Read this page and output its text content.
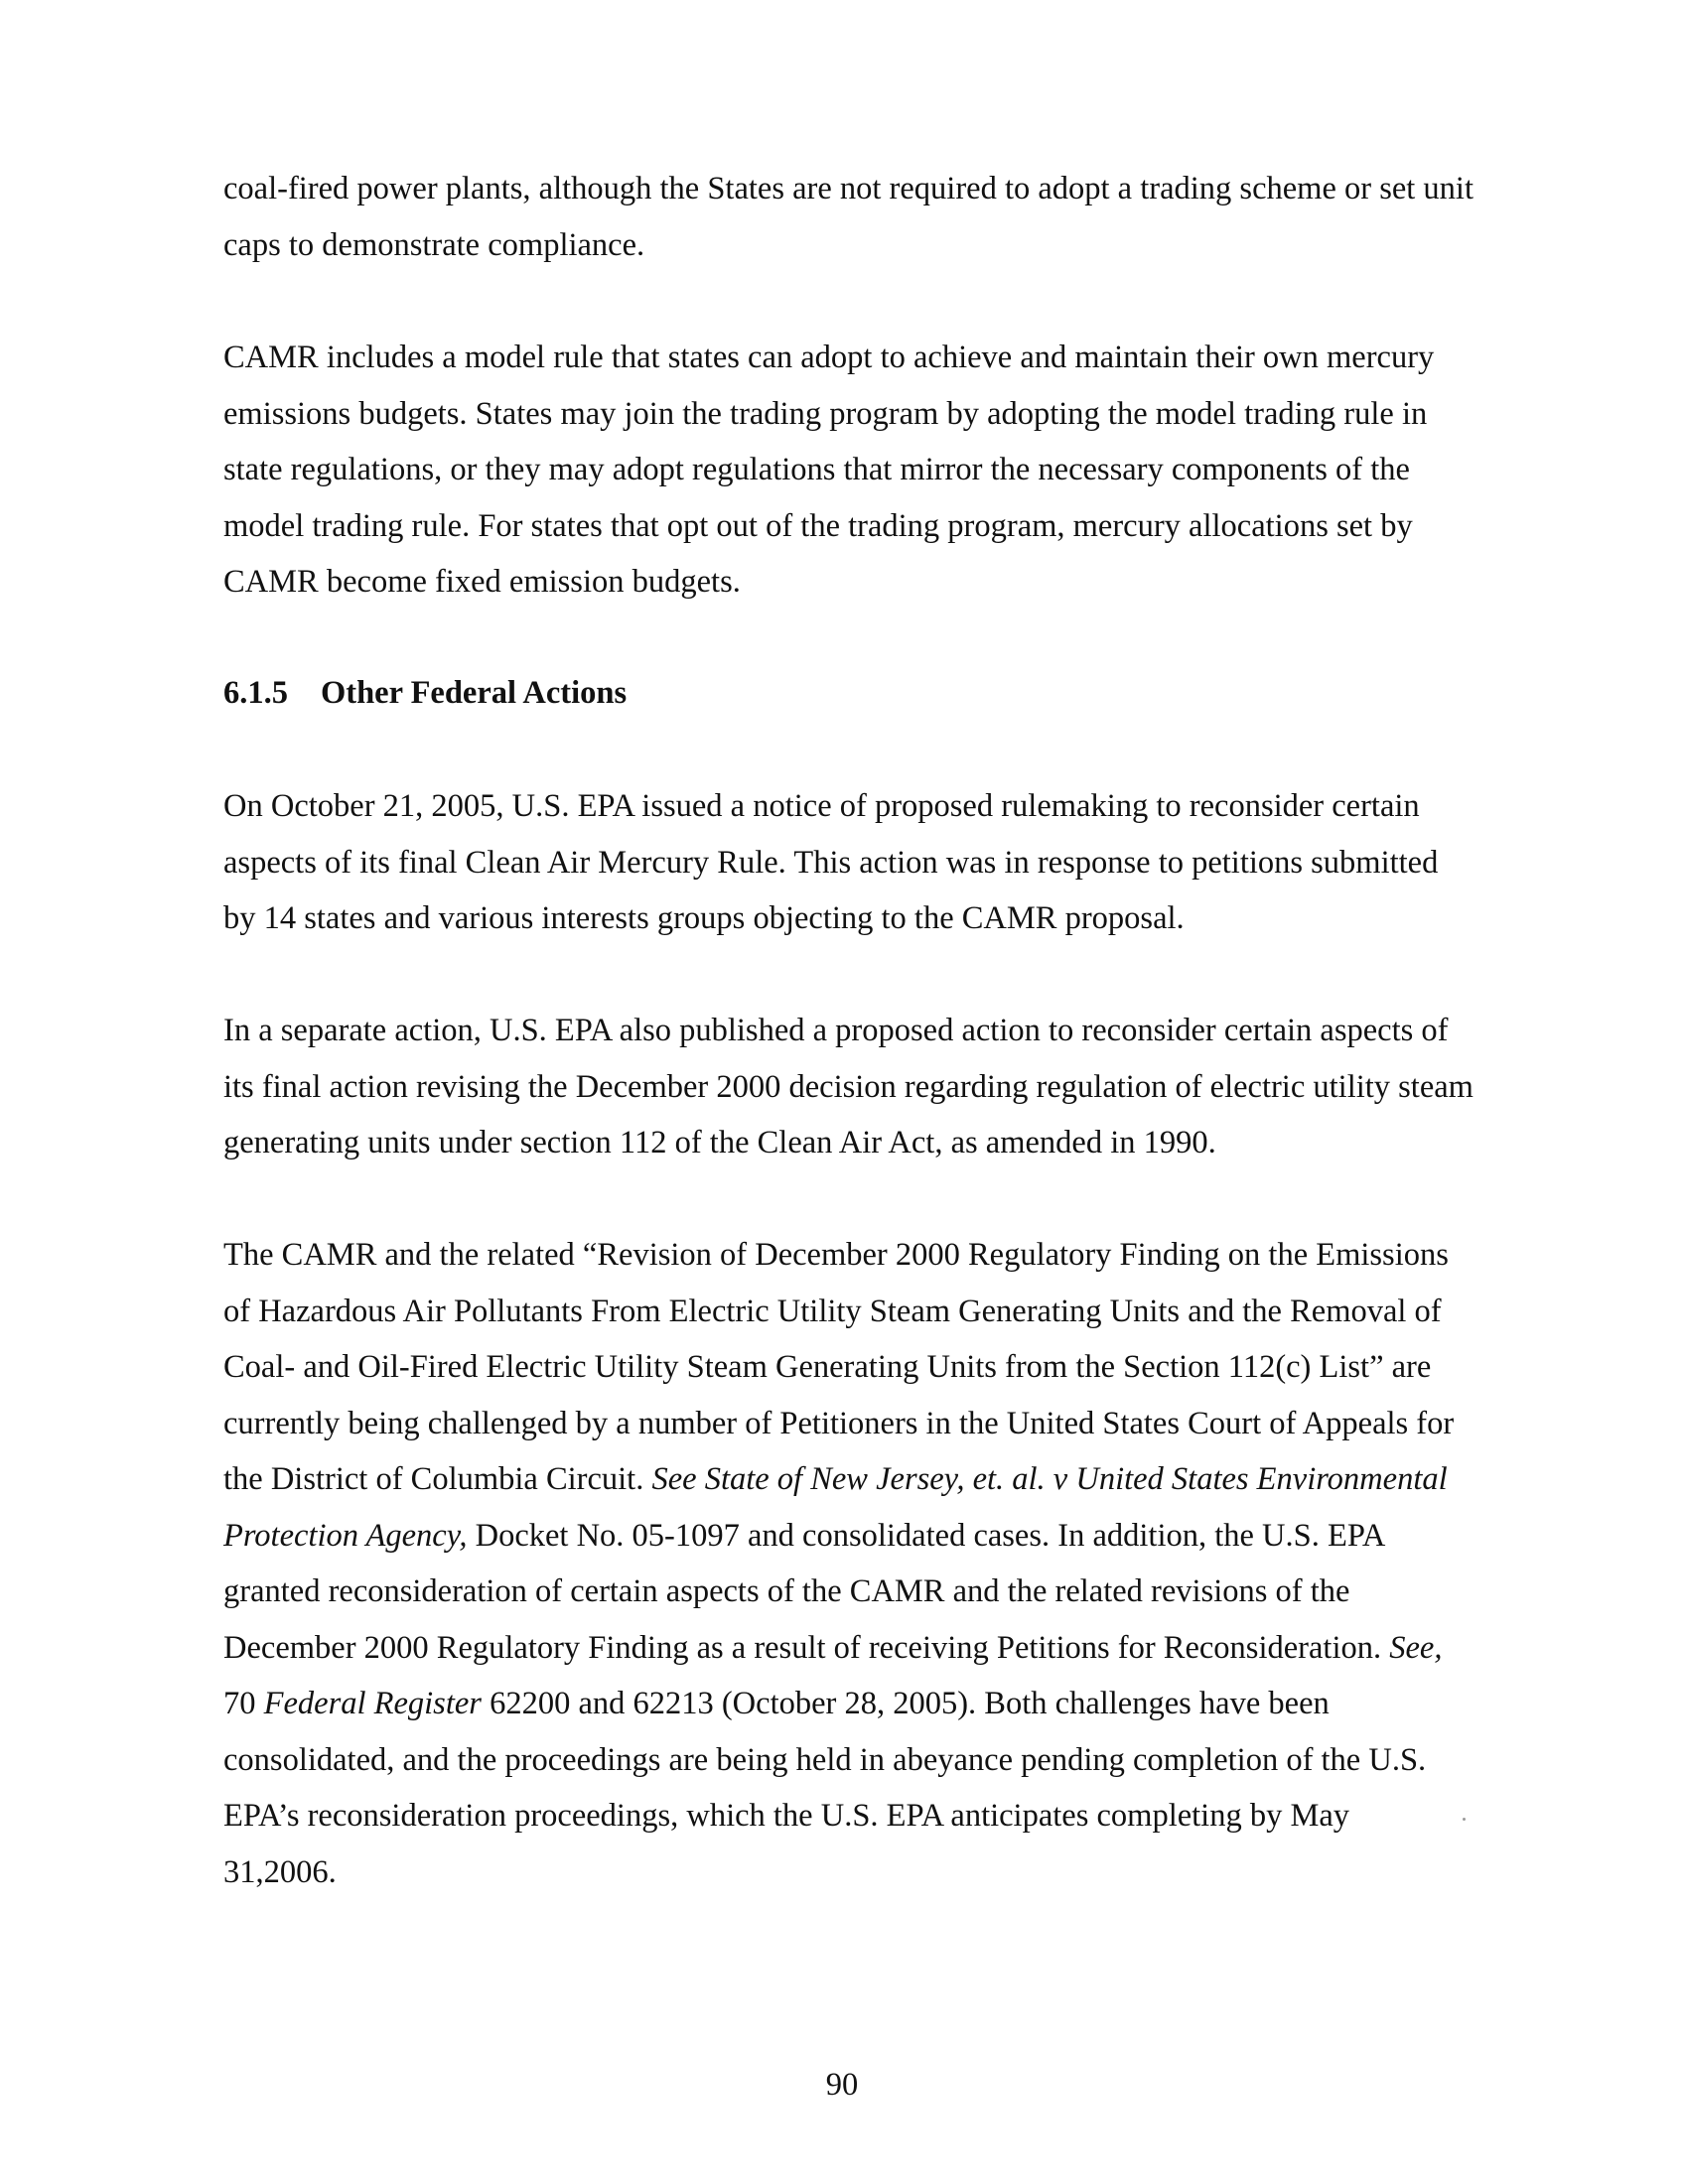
coal-fired power plants, although the States are not required to adopt a trading scheme or set unit
caps to demonstrate compliance.

CAMR includes a model rule that states can adopt to achieve and maintain their own mercury
emissions budgets. States may join the trading program by adopting the model trading rule in
state regulations, or they may adopt regulations that mirror the necessary components of the
model trading rule. For states that opt out of the trading program, mercury allocations set by
CAMR become fixed emission budgets.

6.1.5 Other Federal Actions

On October 21, 2005, U.S. EPA issued a notice of proposed rulemaking to reconsider certain
aspects of its final Clean Air Mercury Rule. This action was in response to petitions submitted
by 14 states and various interests groups objecting to the CAMR proposal.

In a separate action, U.S. EPA also published a proposed action to reconsider certain aspects of
its final action revising the December 2000 decision regarding regulation of electric utility steam
generating units under section 112 of the Clean Air Act, as amended in 1990.

The CAMR and the related “Revision of December 2000 Regulatory Finding on the Emissions
of Hazardous Air Pollutants From Electric Utility Steam Generating Units and the Removal of
Coal- and Oil-Fired Electric Utility Steam Generating Units from the Section 112(c) List” are
currently being challenged by a number of Petitioners in the United States Court of Appeals for
the District of Columbia Circuit. See State of New Jersey, et. al. v United States Environmental
Protection Agency, Docket No. 05-1097 and consolidated cases. In addition, the U.S. EPA
granted reconsideration of certain aspects of the CAMR and the related revisions of the
December 2000 Regulatory Finding as a result of receiving Petitions for Reconsideration. See,
70 Federal Register 62200 and 62213 (October 28, 2005). Both challenges have been
consolidated, and the proceedings are being held in abeyance pending completion of the U.S.
EPA’s reconsideration proceedings, which the U.S. EPA anticipates completing by May
31,2006.

90
